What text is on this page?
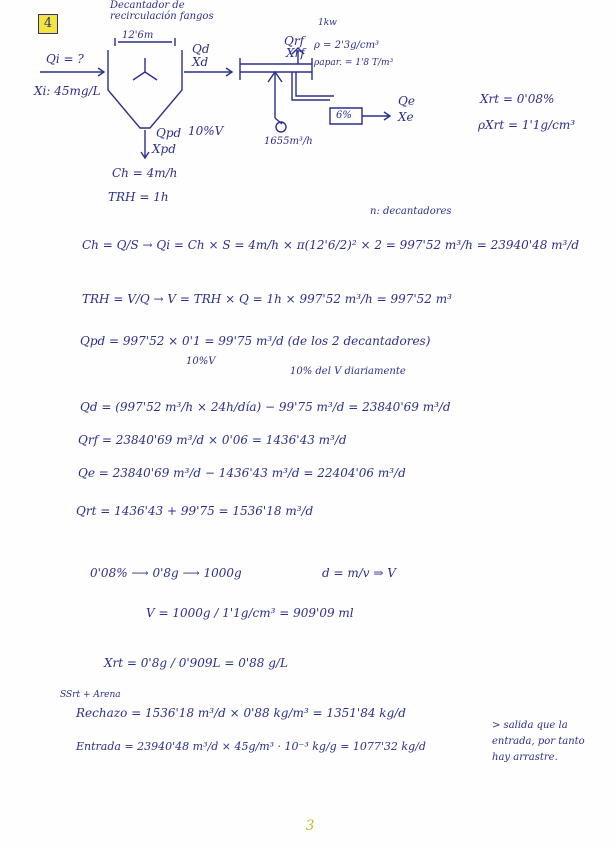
4
Decantador de recirculación fangos
Qi = ?
Xi: 45mg/L
12'6m
Qd
Xd
Qpd 10%V
Xpd
Ch = 4m/h
TRH = 1h
Qrf
Xrf
1kw
ρ = 2'3g/cm³
ρapar. = 1'8 T/m³
6%
Qe
Xe
1655m³/h
Xrt = 0'08%
ρXrt = 1'1g/cm³
n: decantadores
Ch = Q/S → Qi = Ch × S = 4m/h × π(12'6/2)² × 2 = 997'52 m³/h = 23940'48 m³/d
TRH = V/Q → V = TRH × Q = 1h × 997'52 m³/h = 997'52 m³
Qpd = 997'52 × 0'1 = 99'75 m³/d (de los 2 decantadores)
10%V
10% del V diariamente
Qd = (997'52 m³/h × 24h/día) − 99'75 m³/d = 23840'69 m³/d
Qrf = 23840'69 m³/d × 0'06 = 1436'43 m³/d
Qe = 23840'69 m³/d − 1436'43 m³/d = 22404'06 m³/d
Qrt = 1436'43 + 99'75 = 1536'18 m³/d
0'08% ⟶ 0'8g ⟶ 1000g	d = m/v ⇒ V
V = 1000g / 1'1g/cm³ = 909'09 ml
Xrt = 0'8g / 0'909L = 0'88 g/L
SSrt + Arena
Rechazo = 1536'18 m³/d × 0'88 kg/m³ = 1351'84 kg/d
Entrada = 23940'48 m³/d × 45g/m³ · 10⁻³ kg/g = 1077'32 kg/d
> salida que la entrada, por tanto hay arrastre.
3
